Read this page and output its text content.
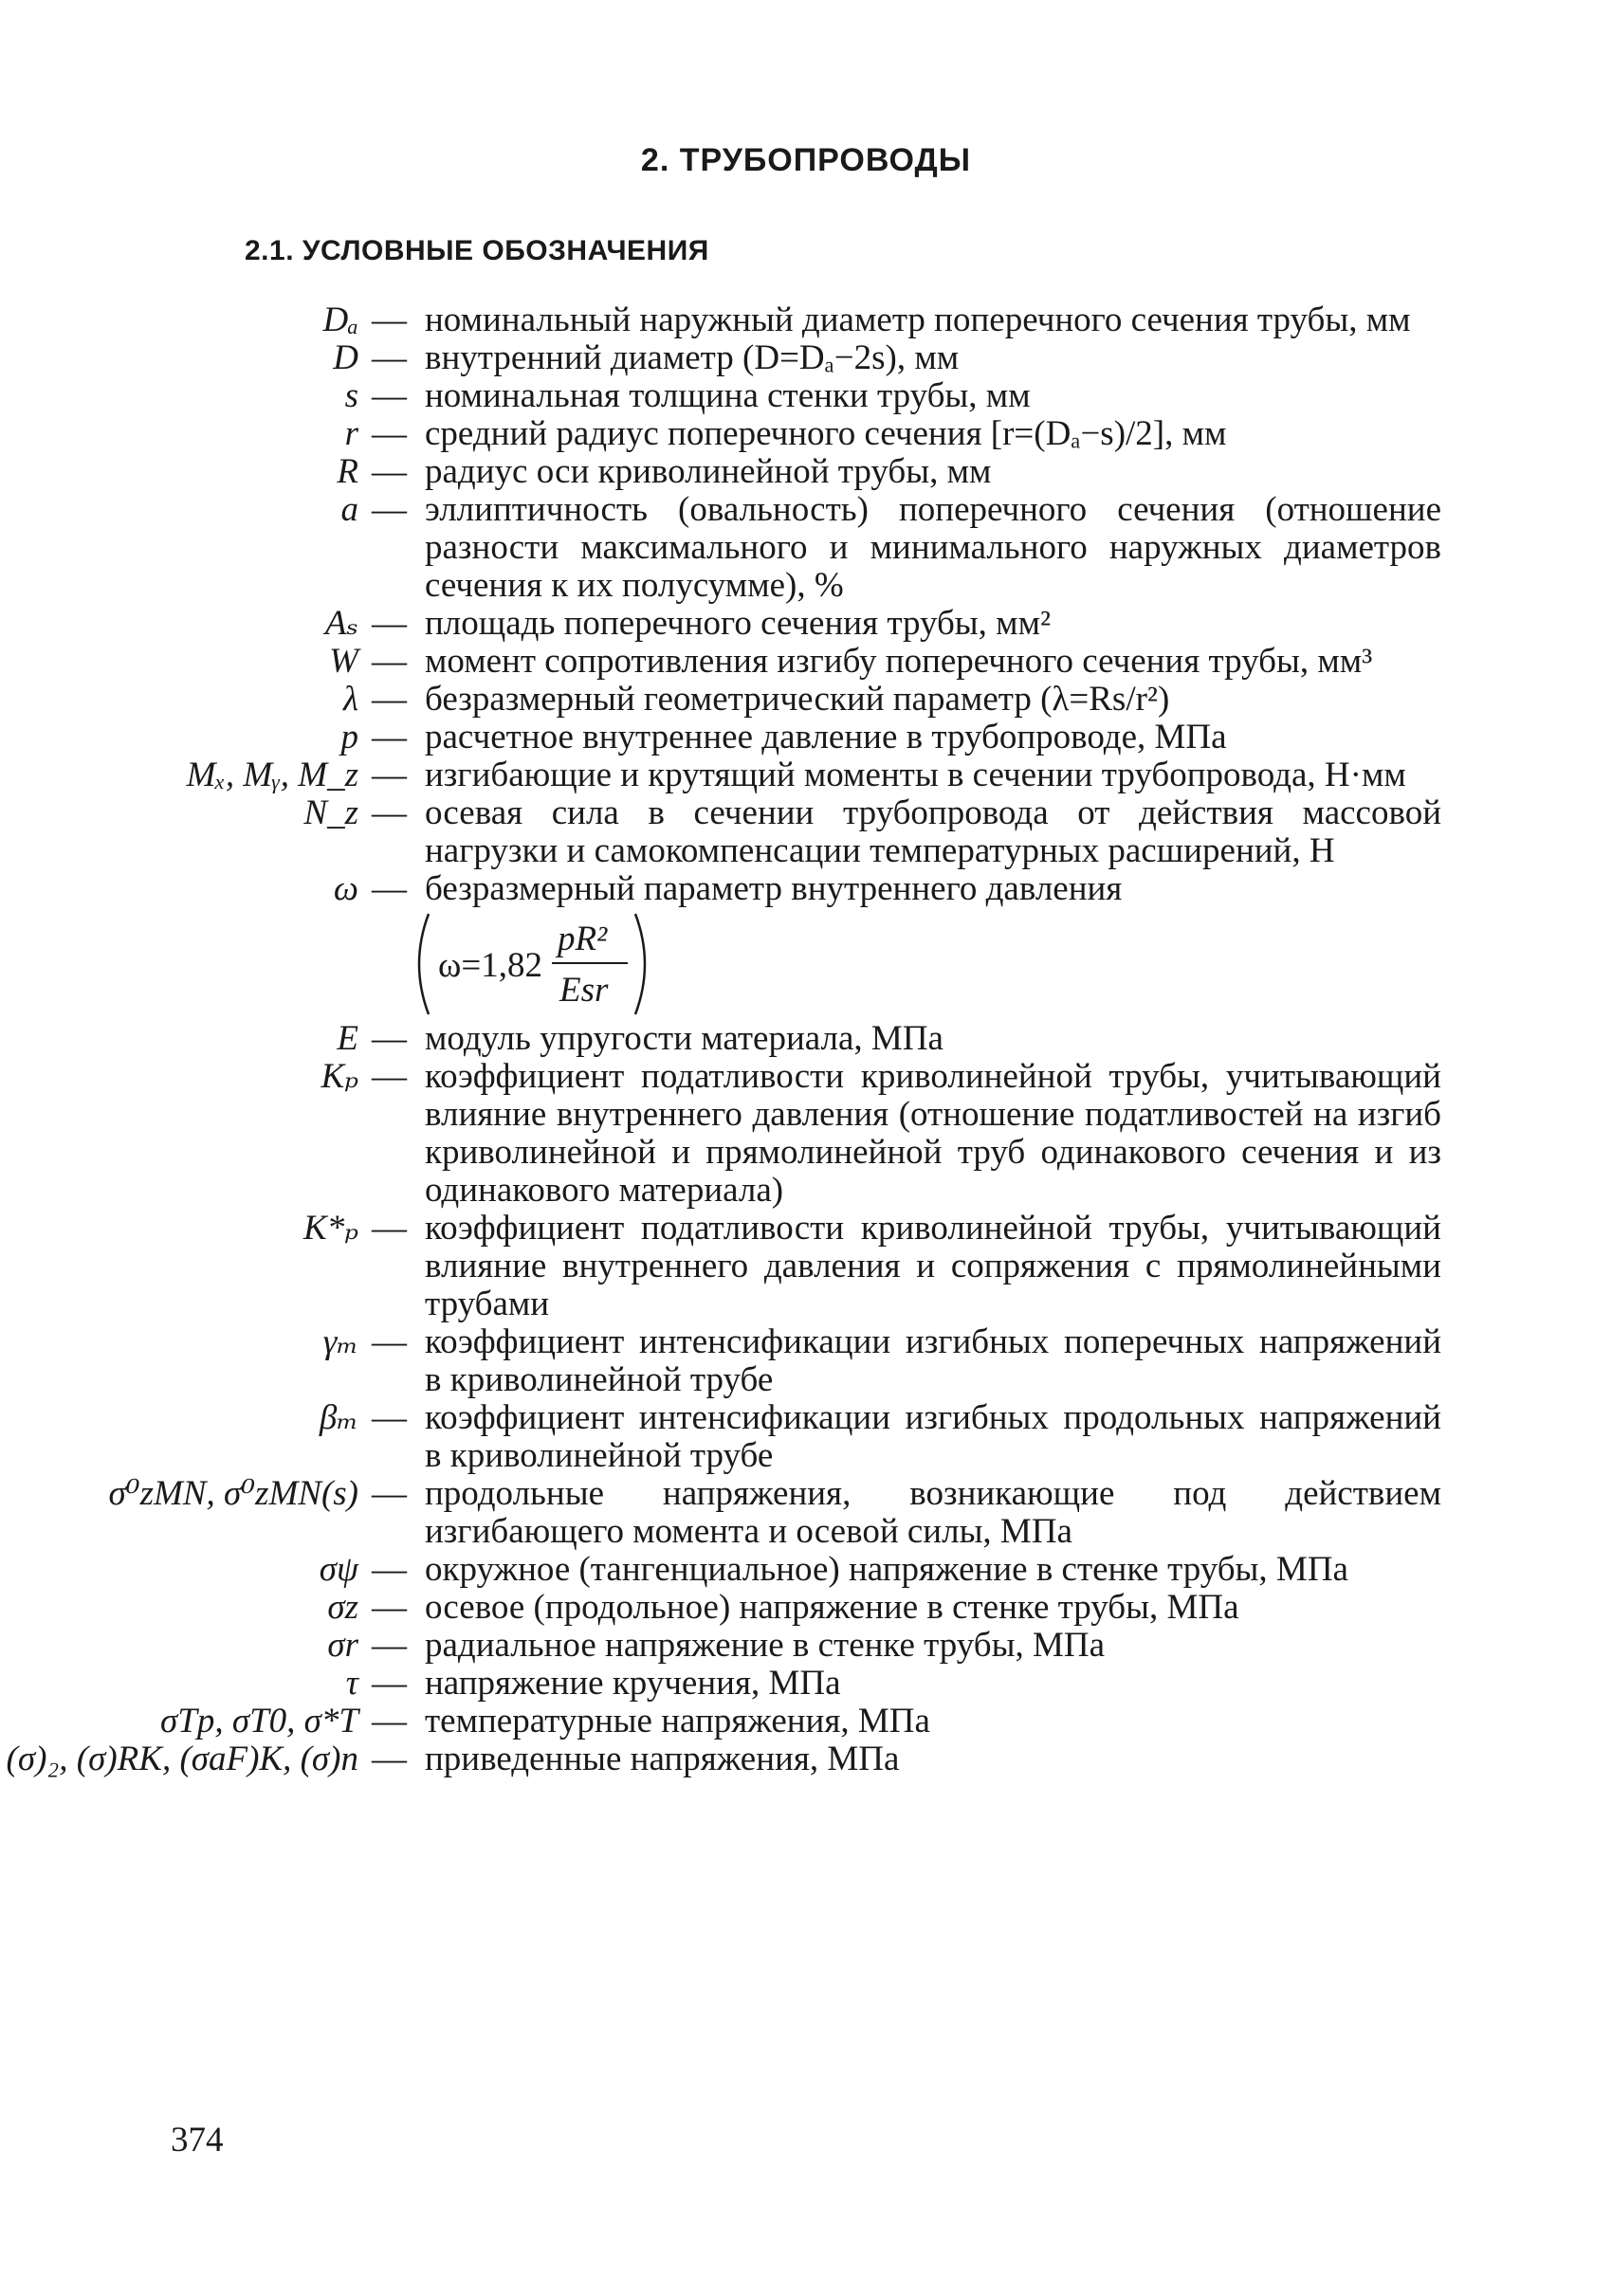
2. ТРУБОПРОВОДЫ
2.1. УСЛОВНЫЕ ОБОЗНАЧЕНИЯ
Dₐ — номинальный наружный диаметр поперечного сечения трубы, мм
D — внутренний диаметр (D=Dₐ−2s), мм
s — номинальная толщина стенки трубы, мм
r — средний радиус поперечного сечения [r=(Dₐ−s)/2], мм
R — радиус оси криволинейной трубы, мм
a — эллиптичность (овальность) поперечного сечения (отношение разности максимального и минимального наружных диаметров сечения к их полусумме), %
Aₛ — площадь поперечного сечения трубы, мм²
W — момент сопротивления изгибу поперечного сечения трубы, мм³
λ — безразмерный геометрический параметр (λ=Rs/r²)
p — расчетное внутреннее давление в трубопроводе, МПа
Mₓ, Mᵧ, M_z — изгибающие и крутящий моменты в сечении трубопровода, Н·мм
N_z — осевая сила в сечении трубопровода от действия массовой нагрузки и самокомпенсации температурных расширений, Н
ω — безразмерный параметр внутреннего давления
ω=1,82
pR²
Esr
E — модуль упругости материала, МПа
Kₚ — коэффициент податливости криволинейной трубы, учитывающий влияние внутреннего давления (отношение податливостей на изгиб криволинейной и прямолинейной труб одинакового сечения и из одинакового материала)
K*ₚ — коэффициент податливости криволинейной трубы, учитывающий влияние внутреннего давления и сопряжения с прямолинейными трубами
γₘ — коэффициент интенсификации изгибных поперечных напряжений в криволинейной трубе
βₘ — коэффициент интенсификации изгибных продольных напряжений в криволинейной трубе
σ⁰zMN, σ⁰zMN(s) — продольные напряжения, возникающие под действием изгибающего момента и осевой силы, МПа
σψ — окружное (тангенциальное) напряжение в стенке трубы, МПа
σz — осевое (продольное) напряжение в стенке трубы, МПа
σr — радиальное напряжение в стенке трубы, МПа
τ — напряжение кручения, МПа
σTp, σT0, σ*T — температурные напряжения, МПа
(σ)₂, (σ)RK, (σaF)K, (σ)n — приведенные напряжения, МПа
374
